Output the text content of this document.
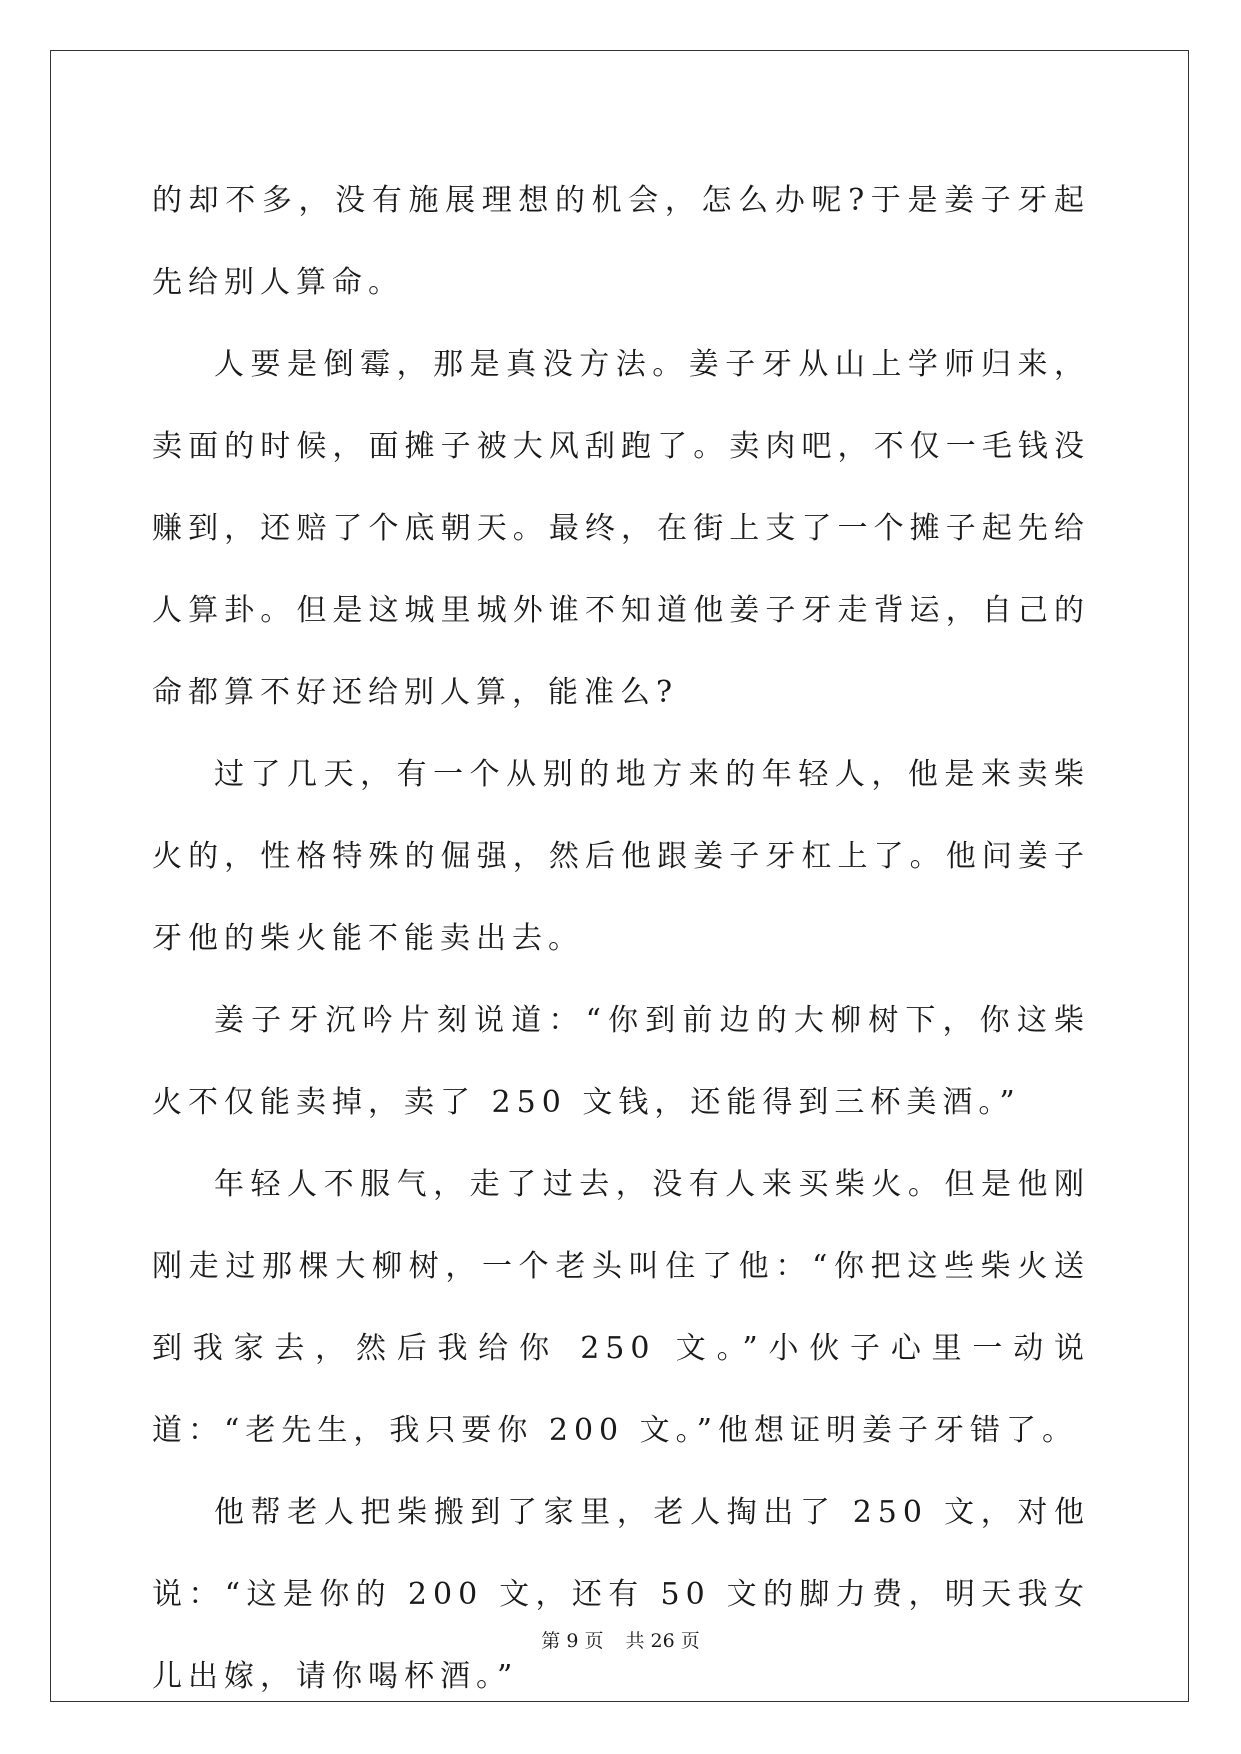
的却不多，没有施展理想的机会，怎么办呢?于是姜子牙起先给别人算命。

人要是倒霉，那是真没方法。姜子牙从山上学师归来，卖面的时候，面摊子被大风刮跑了。卖肉吧，不仅一毛钱没赚到，还赔了个底朝天。最终，在街上支了一个摊子起先给人算卦。但是这城里城外谁不知道他姜子牙走背运，自己的命都算不好还给别人算，能准么?

过了几天，有一个从别的地方来的年轻人，他是来卖柴火的，性格特殊的倔强，然后他跟姜子牙杠上了。他问姜子牙他的柴火能不能卖出去。

姜子牙沉吟片刻说道：“你到前边的大柳树下，你这柴火不仅能卖掉，卖了 250 文钱，还能得到三杯美酒。”

年轻人不服气，走了过去，没有人来买柴火。但是他刚刚走过那棵大柳树，一个老头叫住了他：“你把这些柴火送到我家去，然后我给你 250 文。”小伙子心里一动说道：“老先生，我只要你 200 文。”他想证明姜子牙错了。

他帮老人把柴搬到了家里，老人掏出了 250 文，对他说：“这是你的 200 文，还有 50 文的脚力费，明天我女儿出嫁，请你喝杯酒。”

第 9 页 共 26 页
